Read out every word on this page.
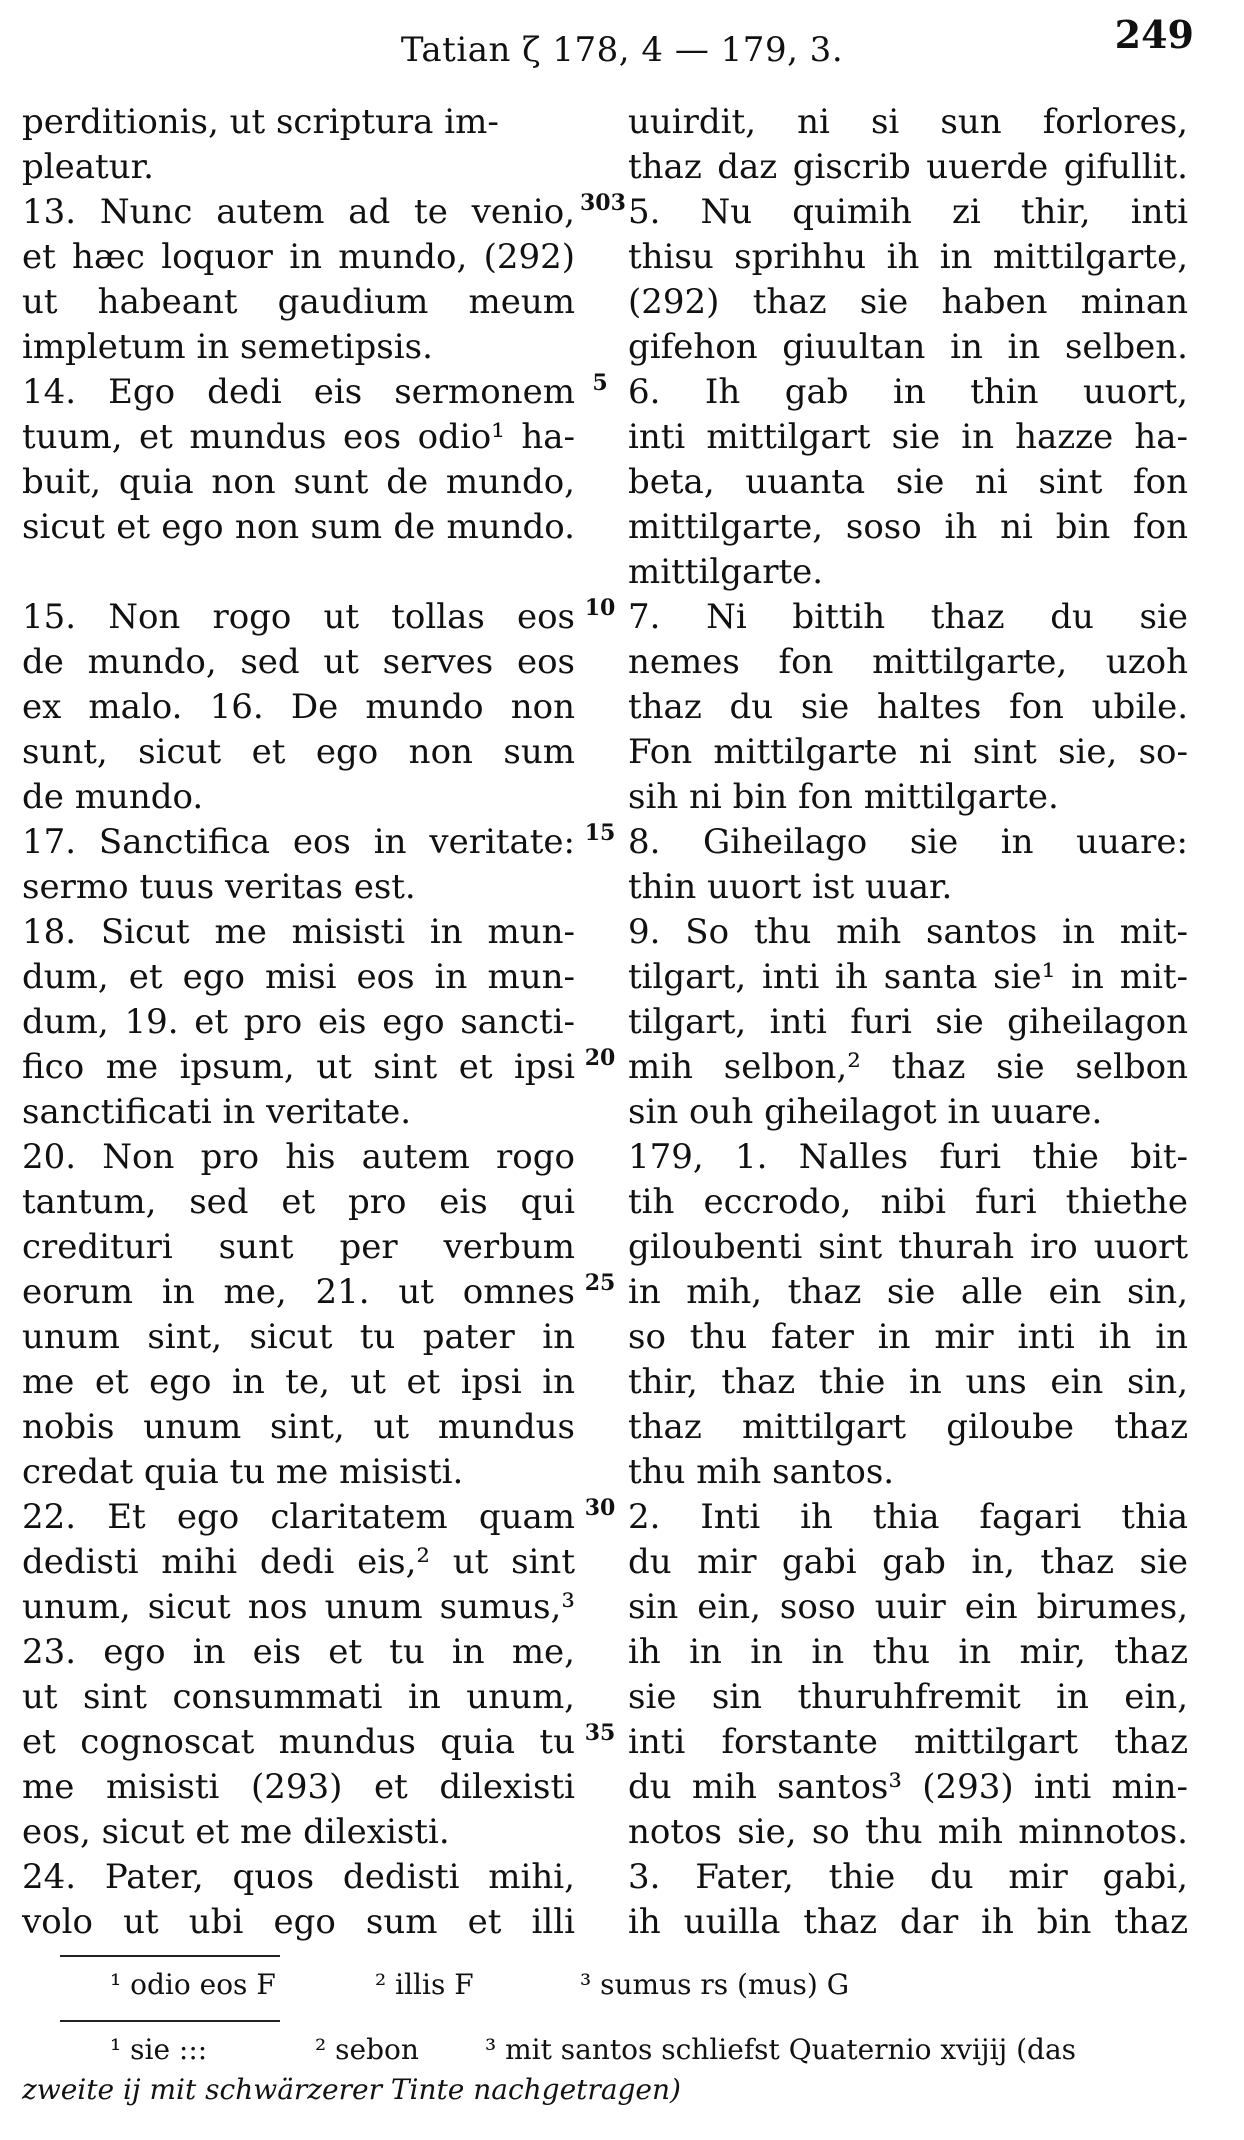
Tatian ζ 178, 4 — 179, 3.	249
perditionis, ut scriptura im-
pleatur.
13. Nunc autem ad te venio,
et hæc loquor in mundo, (292)
ut habeant gaudium meum
impletum in semetipsis.
14. Ego dedi eis sermonem
tuum, et mundus eos odio¹ ha-
buit, quia non sunt de mundo,
sicut et ego non sum de mundo.
15. Non rogo ut tollas eos
de mundo, sed ut serves eos
ex malo. 16. De mundo non
sunt, sicut et ego non sum
de mundo.
17. Sanctifica eos in veritate:
sermo tuus veritas est.
18. Sicut me misisti in mun-
dum, et ego misi eos in mun-
dum, 19. et pro eis ego sancti-
fico me ipsum, ut sint et ipsi
sanctificati in veritate.
20. Non pro his autem rogo
tantum, sed et pro eis qui
credituri sunt per verbum
eorum in me, 21. ut omnes
unum sint, sicut tu pater in
me et ego in te, ut et ipsi in
nobis unum sint, ut mundus
credat quia tu me misisti.
22. Et ego claritatem quam
dedisti mihi dedi eis,² ut sint
unum, sicut nos unum sumus,³
23. ego in eis et tu in me,
ut sint consummati in unum,
et cognoscat mundus quia tu
me misisti (293) et dilexisti
eos, sicut et me dilexisti.
24. Pater, quos dedisti mihi,
volo ut ubi ego sum et illi
303
5
10
15
20
25
30
35
uuirdit, ni si sun forlores,
thaz daz giscrib uuerde gifullit.
5. Nu quimih zi thir, inti
thisu sprihhu ih in mittilgarte,
(292) thaz sie haben minan
gifehon giuultan in in selben.
6. Ih gab in thin uuort,
inti mittilgart sie in hazze ha-
beta, uuanta sie ni sint fon
mittilgarte, soso ih ni bin fon
mittilgarte.
7. Ni bittih thaz du sie
nemes fon mittilgarte, uzoh
thaz du sie haltes fon ubile.
Fon mittilgarte ni sint sie, so-
sih ni bin fon mittilgarte.
8. Giheilago sie in uuare:
thin uuort ist uuar.
9. So thu mih santos in mit-
tilgart, inti ih santa sie¹ in mit-
tilgart, inti furi sie giheilagon
mih selbon,² thaz sie selbon
sin ouh giheilagot in uuare.
179, 1. Nalles furi thie bit-
tih eccrodo, nibi furi thiethe
giloubenti sint thurah iro uuort
in mih, thaz sie alle ein sin,
so thu fater in mir inti ih in
thir, thaz thie in uns ein sin,
thaz mittilgart giloube thaz
thu mih santos.
2. Inti ih thia fagari thia
du mir gabi gab in, thaz sie
sin ein, soso uuir ein birumes,
ih in in in thu in mir, thaz
sie sin thuruhfremit in ein,
inti forstante mittilgart thaz
du mih santos³ (293) inti min-
notos sie, so thu mih minnotos.
3. Fater, thie du mir gabi,
ih uuilla thaz dar ih bin thaz
¹ odio eos F	² illis F	³ sumus rs (mus) G
¹ sie :::	² sebon ³ mit santos schliefst Quaternio xvijij (das
zweite ij mit schwärzerer Tinte nachgetragen)
